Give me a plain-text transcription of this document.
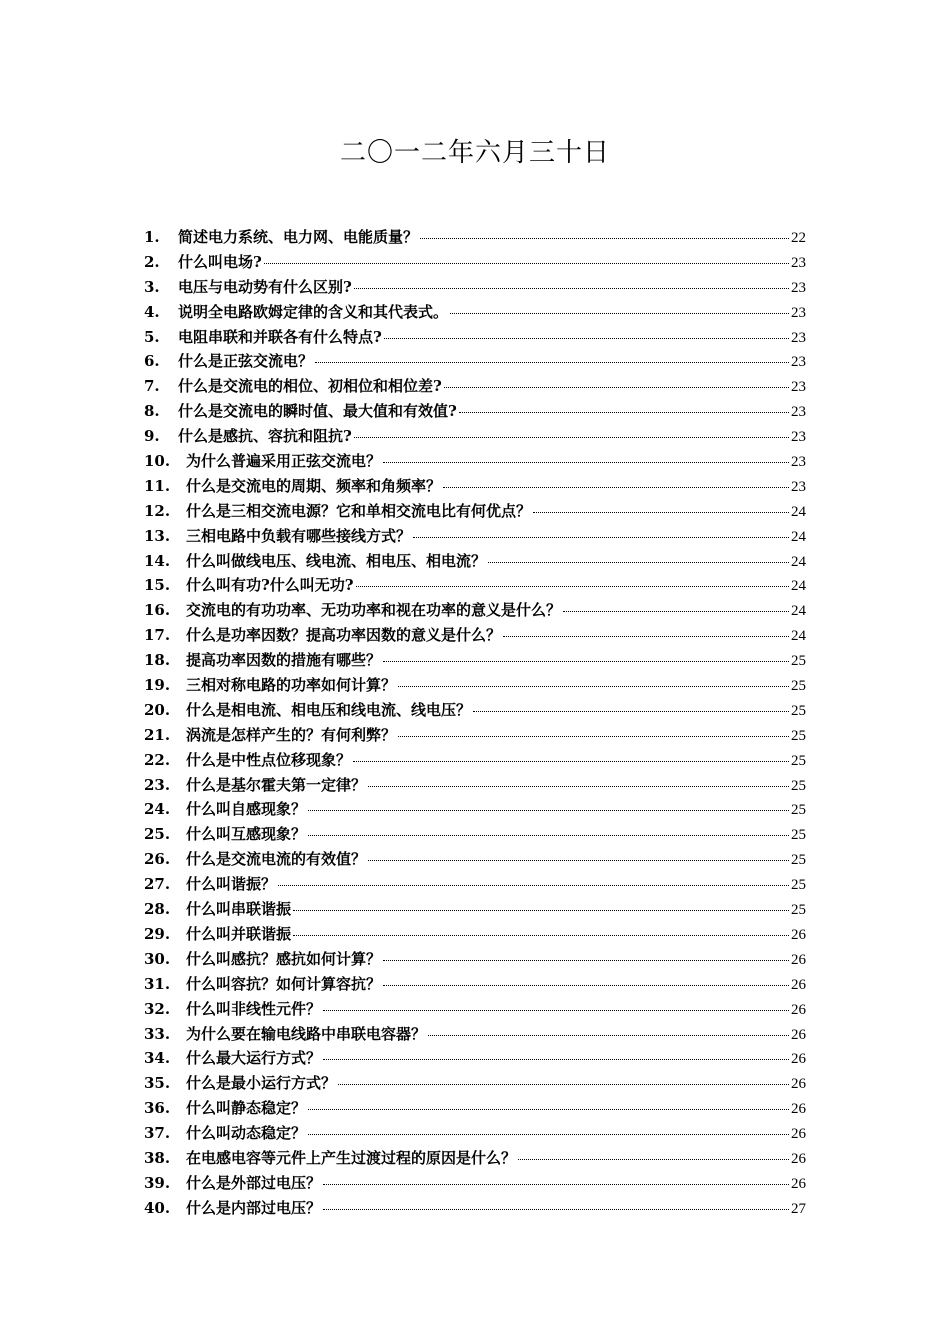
二〇一二年六月三十日
1.	简述电力系统、电力网、电能质量？	22
2.	什么叫电场?	23
3.	电压与电动势有什么区别?	23
4.	说明全电路欧姆定律的含义和其代表式。	23
5.	电阻串联和并联各有什么特点?	23
6.	什么是正弦交流电？	23
7.	什么是交流电的相位、初相位和相位差?	23
8.	什么是交流电的瞬时值、最大值和有效值?	23
9.	什么是感抗、容抗和阻抗?	23
10.	为什么普遍采用正弦交流电？	23
11.	什么是交流电的周期、频率和角频率？	23
12.	什么是三相交流电源？它和单相交流电比有何优点？	24
13.	三相电路中负载有哪些接线方式？	24
14.	什么叫做线电压、线电流、相电压、相电流？	24
15.	什么叫有功?什么叫无功?	24
16.	交流电的有功功率、无功功率和视在功率的意义是什么？	24
17.	什么是功率因数？提高功率因数的意义是什么？	24
18.	提高功率因数的措施有哪些？	25
19.	三相对称电路的功率如何计算？	25
20.	什么是相电流、相电压和线电流、线电压？	25
21.	涡流是怎样产生的？有何利弊？	25
22.	什么是中性点位移现象？	25
23.	什么是基尔霍夫第一定律？	25
24.	什么叫自感现象？	25
25.	什么叫互感现象？	25
26.	什么是交流电流的有效值？	25
27.	什么叫谐振？	25
28.	什么叫串联谐振	25
29.	什么叫并联谐振	26
30.	什么叫感抗？感抗如何计算？	26
31.	什么叫容抗？如何计算容抗？	26
32.	什么叫非线性元件？	26
33.	为什么要在输电线路中串联电容器？	26
34.	什么最大运行方式？	26
35.	什么是最小运行方式？	26
36.	什么叫静态稳定？	26
37.	什么叫动态稳定？	26
38.	在电感电容等元件上产生过渡过程的原因是什么？	26
39.	什么是外部过电压？	26
40.	什么是内部过电压？	27
